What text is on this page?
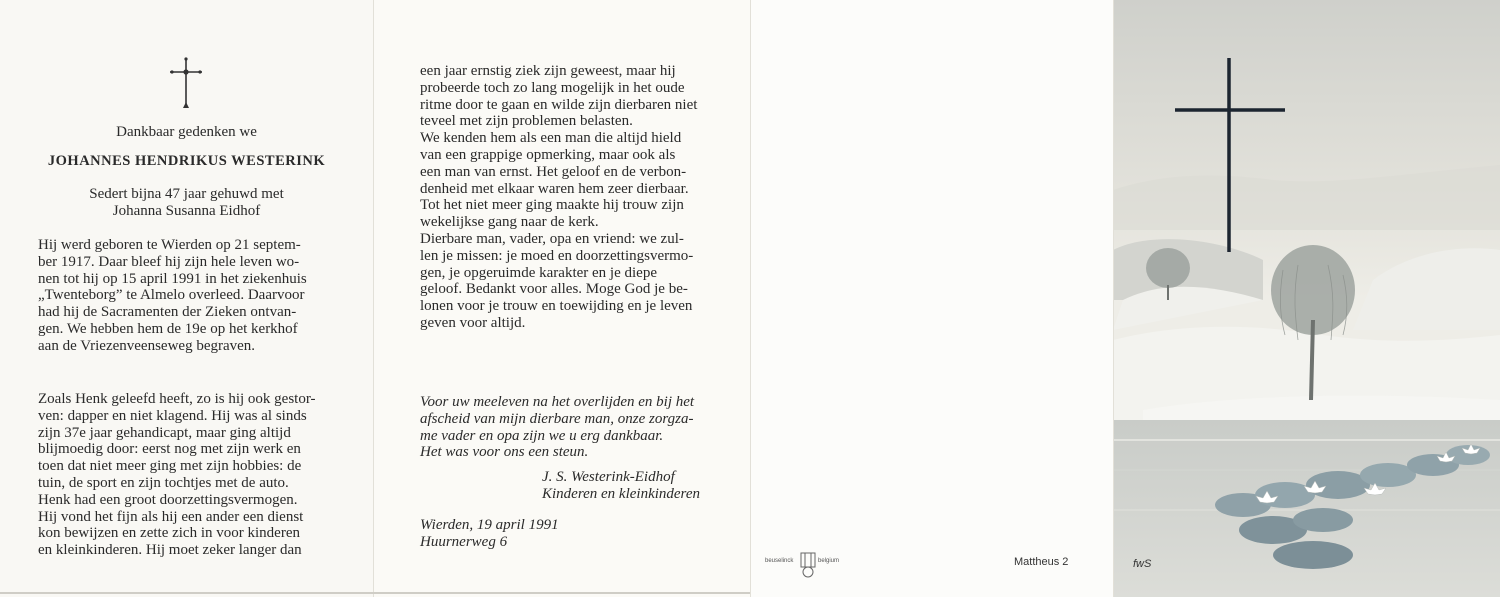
Dankbaar gedenken we
JOHANNES HENDRIKUS WESTERINK
Sedert bijna 47 jaar gehuwd met
Johanna Susanna Eidhof
Hij werd geboren te Wierden op 21 septem-
ber 1917. Daar bleef hij zijn hele leven wo-
nen tot hij op 15 april 1991 in het ziekenhuis
„Twenteborg” te Almelo overleed. Daarvoor
had hij de Sacramenten der Zieken ontvan-
gen. We hebben hem de 19e op het kerkhof
aan de Vriezenveenseweg begraven.
Zoals Henk geleefd heeft, zo is hij ook gestor-
ven: dapper en niet klagend. Hij was al sinds
zijn 37e jaar gehandicapt, maar ging altijd
blijmoedig door: eerst nog met zijn werk en
toen dat niet meer ging met zijn hobbies: de
tuin, de sport en zijn tochtjes met de auto.
Henk had een groot doorzettingsvermogen.
Hij vond het fijn als hij een ander een dienst
kon bewijzen en zette zich in voor kinderen
en kleinkinderen. Hij moet zeker langer dan
een jaar ernstig ziek zijn geweest, maar hij
probeerde toch zo lang mogelijk in het oude
ritme door te gaan en wilde zijn dierbaren niet
teveel met zijn problemen belasten.
We kenden hem als een man die altijd hield
van een grappige opmerking, maar ook als
een man van ernst. Het geloof en de verbon-
denheid met elkaar waren hem zeer dierbaar.
Tot het niet meer ging maakte hij trouw zijn
wekelijkse gang naar de kerk.
Dierbare man, vader, opa en vriend: we zul-
len je missen: je moed en doorzettingsvermo-
gen, je opgeruimde karakter en je diepe
geloof. Bedankt voor alles. Moge God je be-
lonen voor je trouw en toewijding en je leven
geven voor altijd.
Voor uw meeleven na het overlijden en bij het
afscheid van mijn dierbare man, onze zorgza-
me vader en opa zijn we u erg dankbaar.
Het was voor ons een steun.
J. S. Westerink-Eidhof
Kinderen en kleinkinderen
Wierden, 19 april 1991
Huurnerweg 6
beuselinck	belgium	Mattheus 2	fwS
